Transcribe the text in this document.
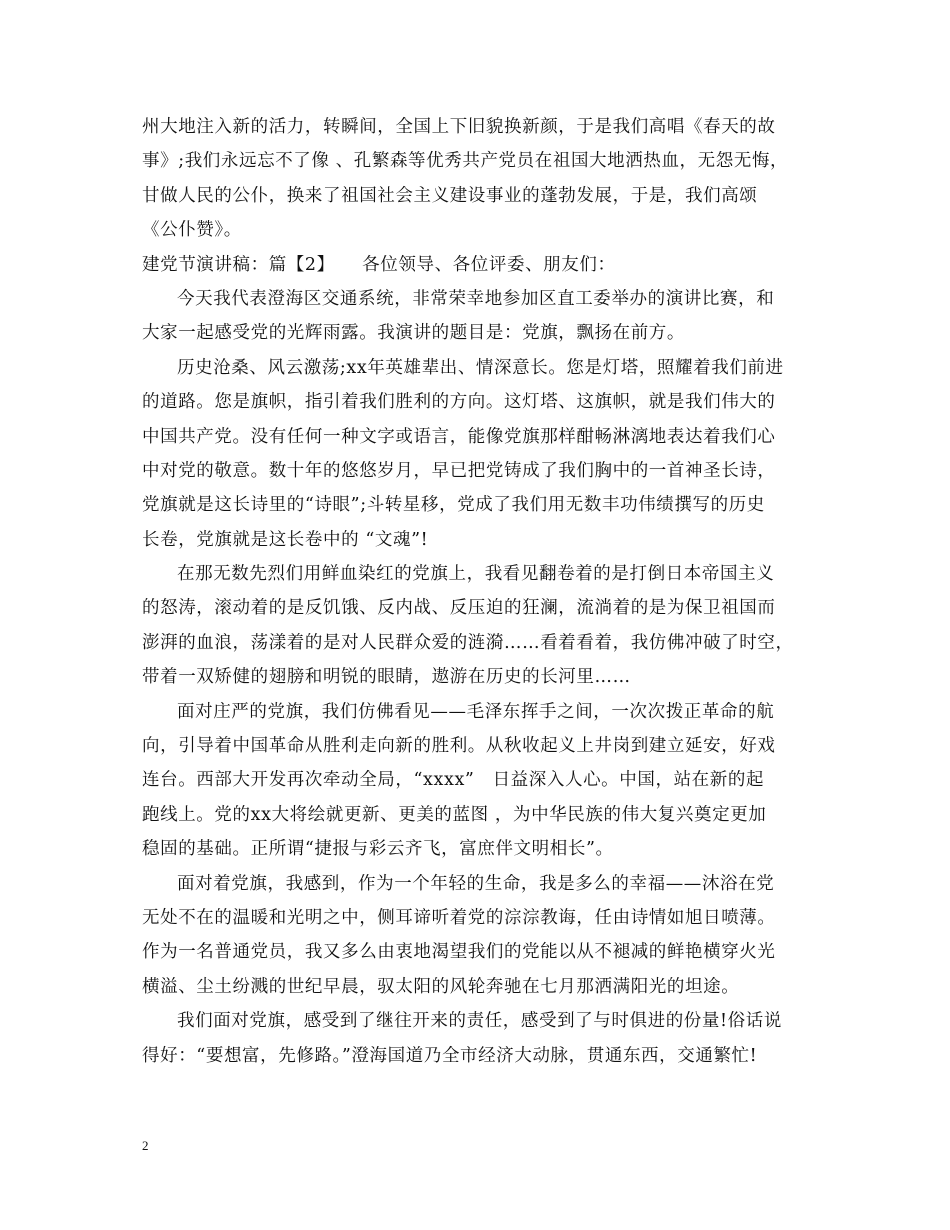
州大地注入新的活力，转瞬间，全国上下旧貌换新颜，于是我们高唱《春天的故
事》;我们永远忘不了像 、孔繁森等优秀共产党员在祖国大地洒热血，无怨无悔，
甘做人民的公仆，换来了祖国社会主义建设事业的蓬勃发展，于是，我们高颂
《公仆赞》。
建党节演讲稿：篇【2】　　各位领导、各位评委、朋友们：
今天我代表澄海区交通系统，非常荣幸地参加区直工委举办的演讲比赛，和
大家一起感受党的光辉雨露。我演讲的题目是：党旗，飘扬在前方。
历史沧桑、风云激荡;xx年英雄辈出、情深意长。您是灯塔，照耀着我们前进
的道路。您是旗帜，指引着我们胜利的方向。这灯塔、这旗帜，就是我们伟大的
中国共产党。没有任何一种文字或语言，能像党旗那样酣畅淋漓地表达着我们心
中对党的敬意。数十年的悠悠岁月，早已把党铸成了我们胸中的一首神圣长诗，
党旗就是这长诗里的“诗眼”;斗转星移，党成了我们用无数丰功伟绩撰写的历史
长卷，党旗就是这长卷中的 “文魂”!
在那无数先烈们用鲜血染红的党旗上，我看见翻卷着的是打倒日本帝国主义
的怒涛，滚动着的是反饥饿、反内战、反压迫的狂澜，流淌着的是为保卫祖国而
澎湃的血浪，荡漾着的是对人民群众爱的涟漪……看着看着，我仿佛冲破了时空，
带着一双矫健的翅膀和明锐的眼睛，遨游在历史的长河里……
面对庄严的党旗，我们仿佛看见——毛泽东挥手之间，一次次拨正革命的航
向，引导着中国革命从胜利走向新的胜利。从秋收起义上井岗到建立延安，好戏
连台。西部大开发再次牵动全局，“xxxx”　日益深入人心。中国，站在新的起
跑线上。党的xx大将绘就更新、更美的蓝图 ，为中华民族的伟大复兴奠定更加
稳固的基础。正所谓“捷报与彩云齐飞，富庶伴文明相长”。
面对着党旗，我感到，作为一个年轻的生命，我是多么的幸福——沐浴在党
无处不在的温暖和光明之中，侧耳谛听着党的淙淙教诲，任由诗情如旭日喷薄。
作为一名普通党员，我又多么由衷地渴望我们的党能以从不褪减的鲜艳横穿火光
横溢、尘土纷溅的世纪早晨，驭太阳的风轮奔驰在七月那洒满阳光的坦途。
我们面对党旗，感受到了继往开来的责任，感受到了与时俱进的份量!俗话说
得好：“要想富，先修路。”澄海国道乃全市经济大动脉，贯通东西，交通繁忙!
2
